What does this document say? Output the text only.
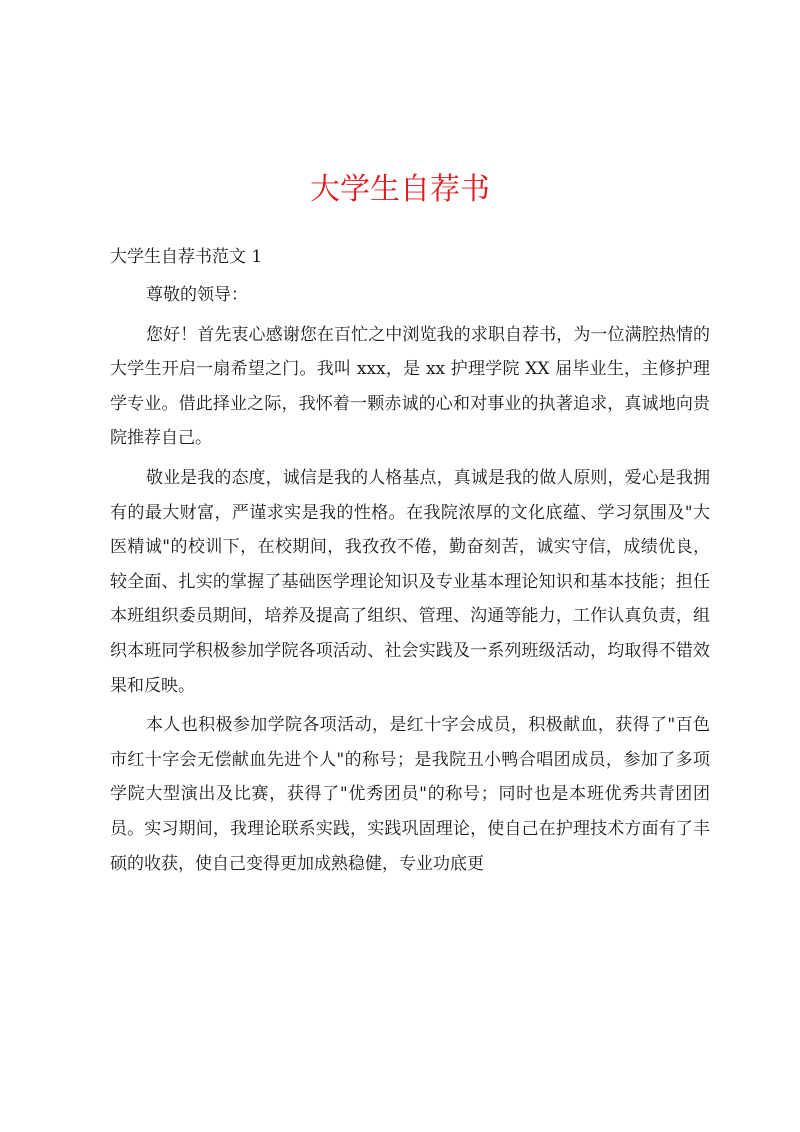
大学生自荐书

大学生自荐书范文 1

尊敬的领导：

您好！首先衷心感谢您在百忙之中浏览我的求职自荐书，为一位满腔热情的大学生开启一扇希望之门。我叫 xxx，是 xx 护理学院 XX 届毕业生，主修护理学专业。借此择业之际，我怀着一颗赤诚的心和对事业的执著追求，真诚地向贵院推荐自己。

敬业是我的态度，诚信是我的人格基点，真诚是我的做人原则，爱心是我拥有的最大财富，严谨求实是我的性格。在我院浓厚的文化底蕴、学习氛围及"大医精诚"的校训下，在校期间，我孜孜不倦，勤奋刻苦，诚实守信，成绩优良，较全面、扎实的掌握了基础医学理论知识及专业基本理论知识和基本技能；担任本班组织委员期间，培养及提高了组织、管理、沟通等能力，工作认真负责，组织本班同学积极参加学院各项活动、社会实践及一系列班级活动，均取得不错效果和反映。

本人也积极参加学院各项活动，是红十字会成员，积极献血，获得了"百色市红十字会无偿献血先进个人"的称号；是我院丑小鸭合唱团成员，参加了多项学院大型演出及比赛，获得了"优秀团员"的称号；同时也是本班优秀共青团团员。实习期间，我理论联系实践，实践巩固理论，使自己在护理技术方面有了丰硕的收获，使自己变得更加成熟稳健，专业功底更
